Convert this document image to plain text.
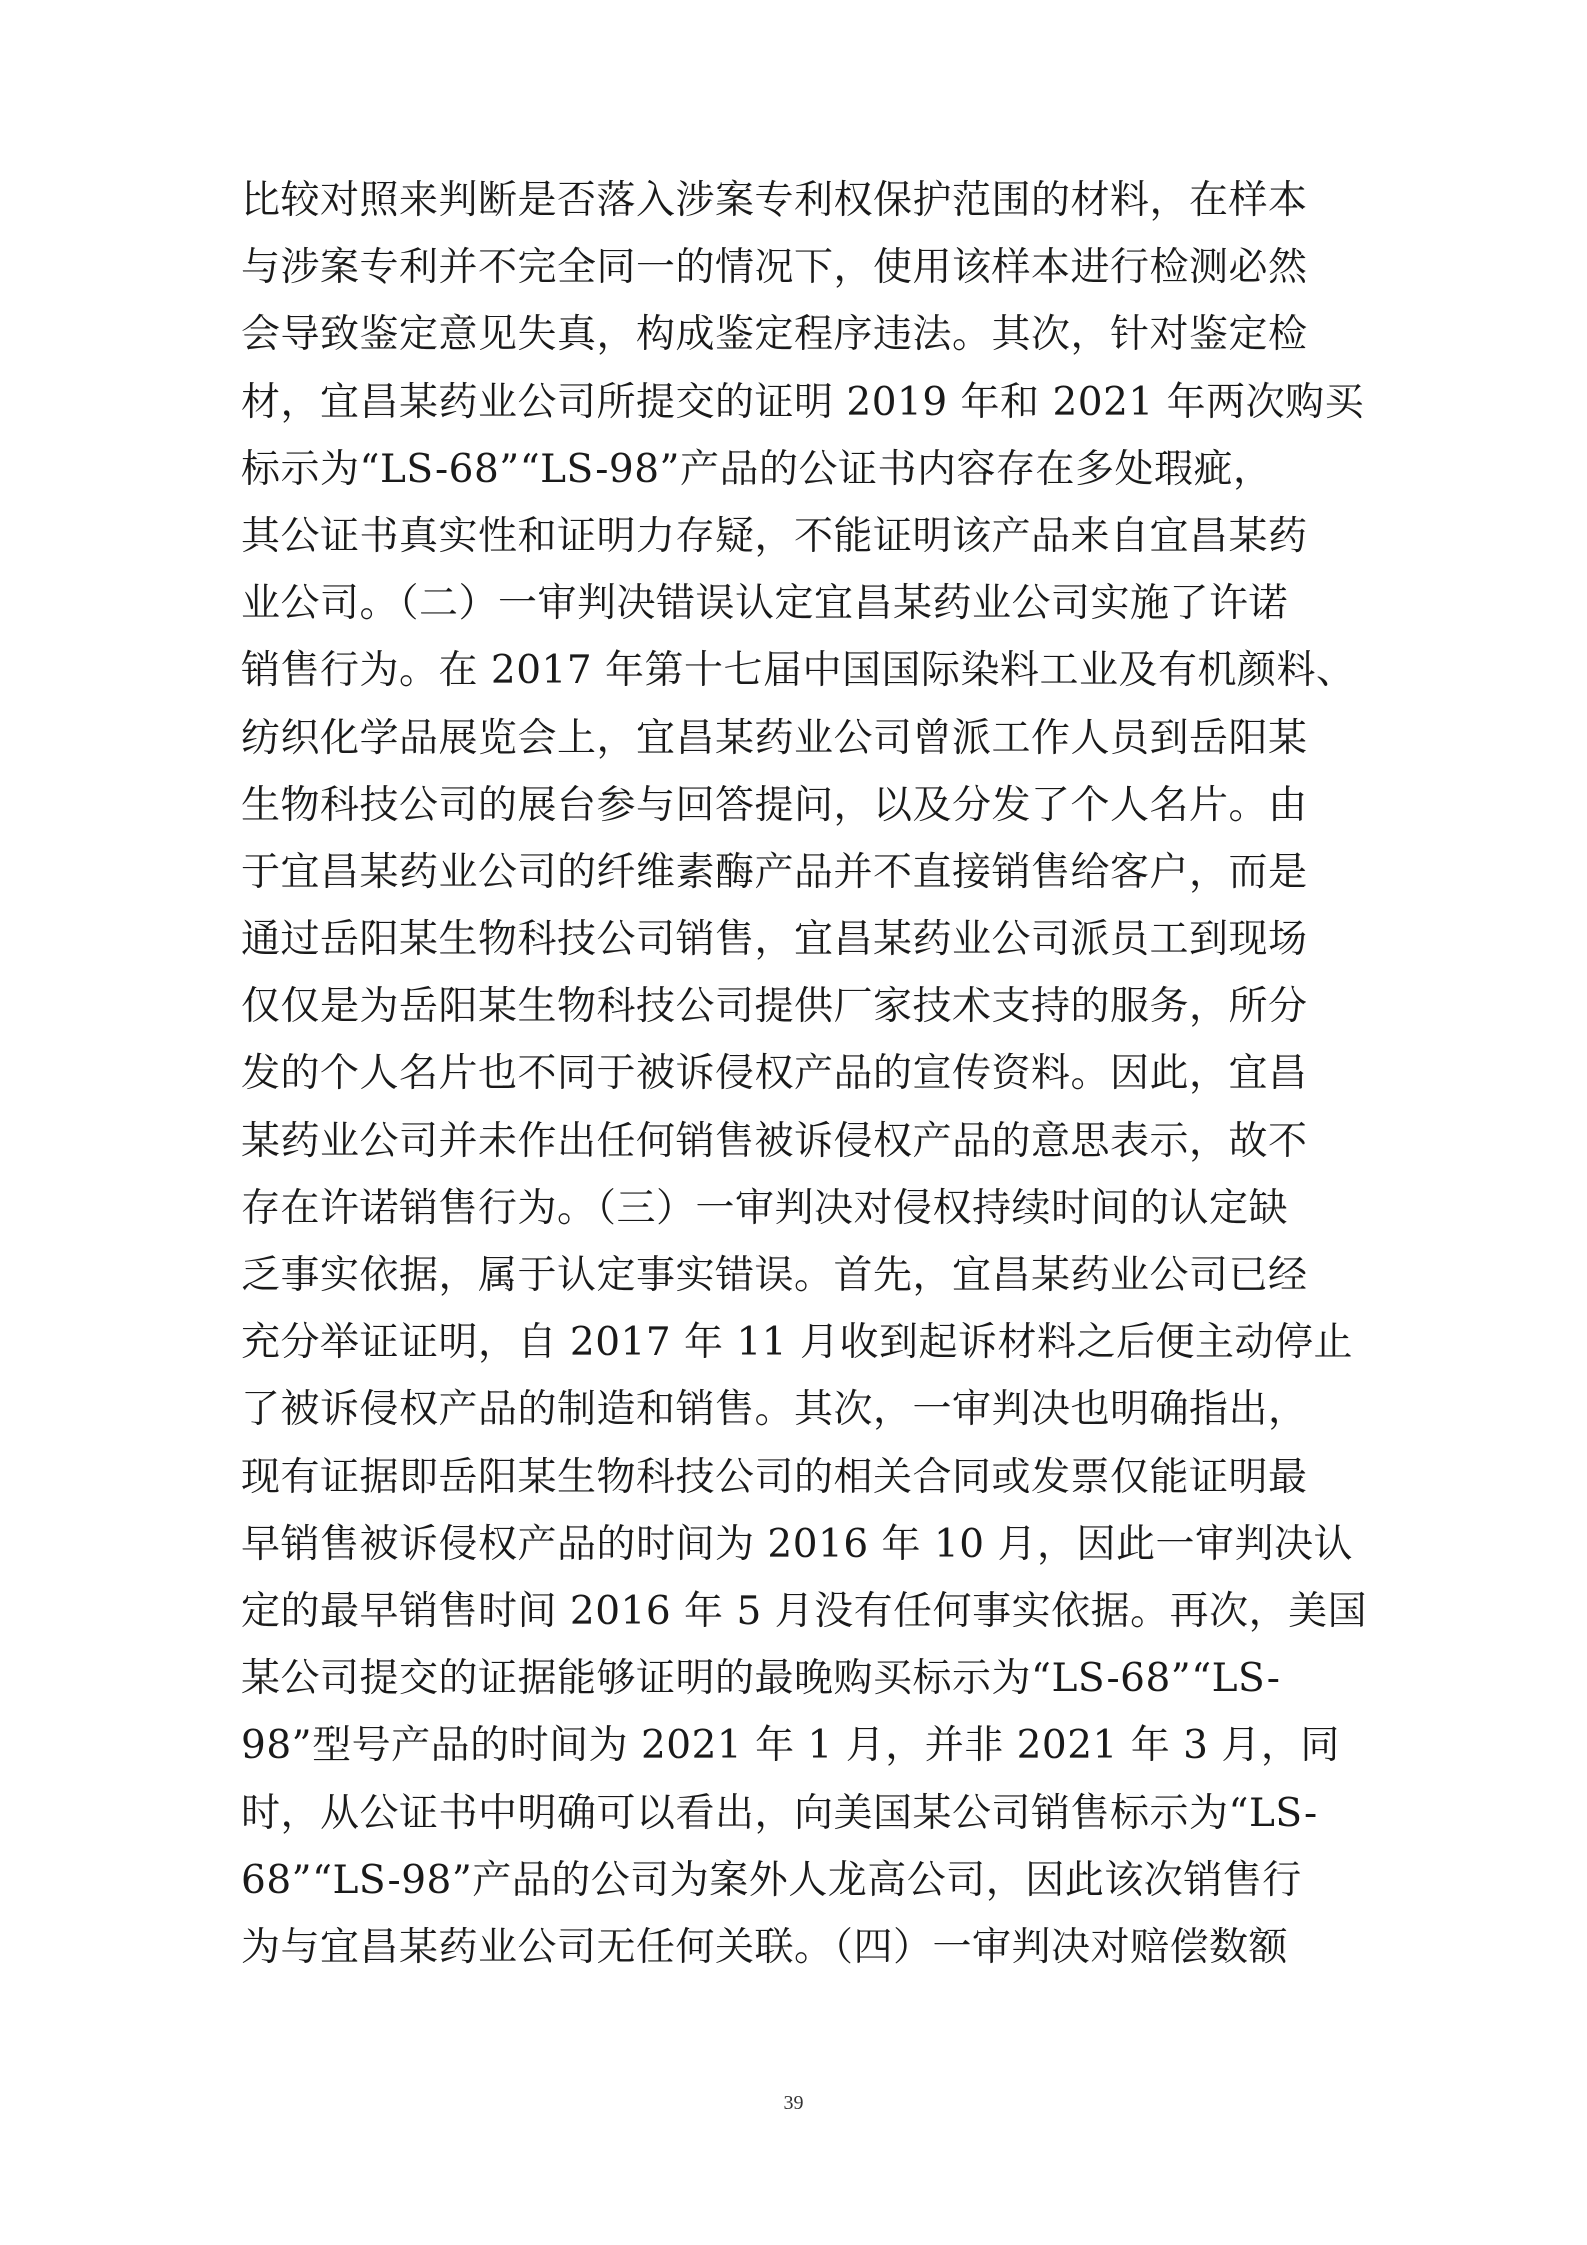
比较对照来判断是否落入涉案专利权保护范围的材料，在样本
与涉案专利并不完全同一的情况下，使用该样本进行检测必然
会导致鉴定意见失真，构成鉴定程序违法。其次，针对鉴定检
材，宜昌某药业公司所提交的证明 2019 年和 2021 年两次购买
标示为“LS-68”“LS-98”产品的公证书内容存在多处瑕疵，
其公证书真实性和证明力存疑，不能证明该产品来自宜昌某药
业公司。（二）一审判决错误认定宜昌某药业公司实施了许诺
销售行为。在 2017 年第十七届中国国际染料工业及有机颜料、
纺织化学品展览会上，宜昌某药业公司曾派工作人员到岳阳某
生物科技公司的展台参与回答提问，以及分发了个人名片。由
于宜昌某药业公司的纤维素酶产品并不直接销售给客户，而是
通过岳阳某生物科技公司销售，宜昌某药业公司派员工到现场
仅仅是为岳阳某生物科技公司提供厂家技术支持的服务，所分
发的个人名片也不同于被诉侵权产品的宣传资料。因此，宜昌
某药业公司并未作出任何销售被诉侵权产品的意思表示，故不
存在许诺销售行为。（三）一审判决对侵权持续时间的认定缺
乏事实依据，属于认定事实错误。首先，宜昌某药业公司已经
充分举证证明，自 2017 年 11 月收到起诉材料之后便主动停止
了被诉侵权产品的制造和销售。其次，一审判决也明确指出，
现有证据即岳阳某生物科技公司的相关合同或发票仅能证明最
早销售被诉侵权产品的时间为 2016 年 10 月，因此一审判决认
定的最早销售时间 2016 年 5 月没有任何事实依据。再次，美国
某公司提交的证据能够证明的最晚购买标示为“LS-68”“LS-
98”型号产品的时间为 2021 年 1 月，并非 2021 年 3 月，同
时，从公证书中明确可以看出，向美国某公司销售标示为“LS-
68”“LS-98”产品的公司为案外人龙高公司，因此该次销售行
为与宜昌某药业公司无任何关联。（四）一审判决对赔偿数额
39
